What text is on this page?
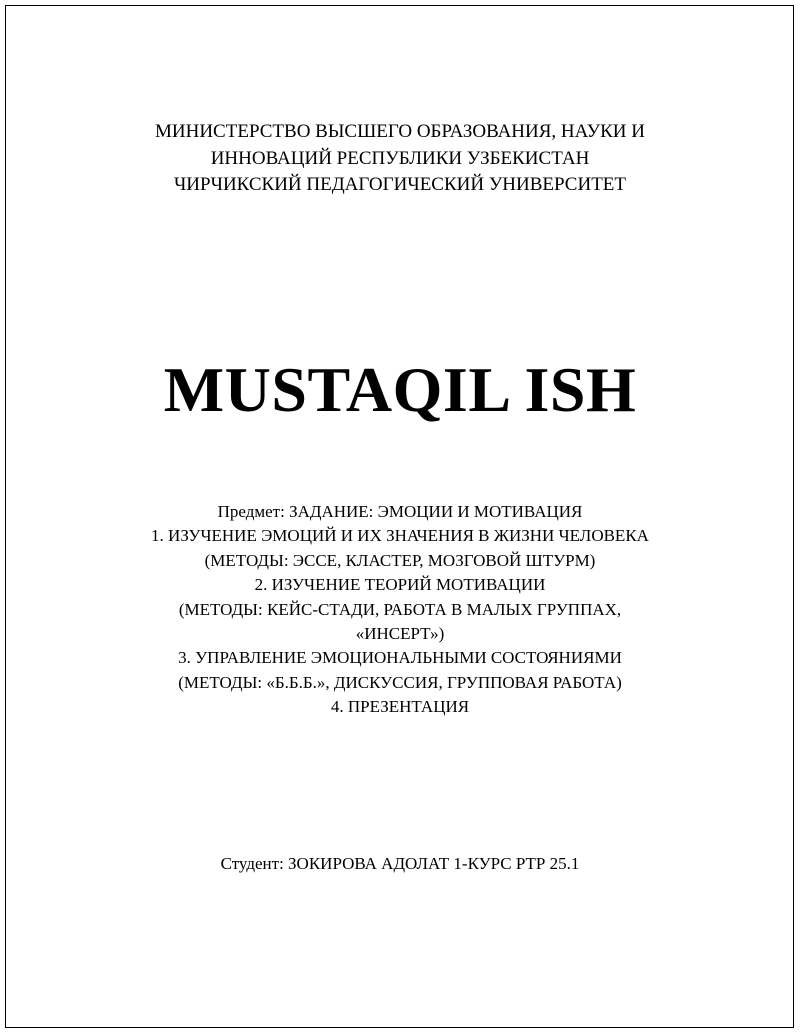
МИНИСТЕРСТВО ВЫСШЕГО ОБРАЗОВАНИЯ, НАУКИ И
ИННОВАЦИЙ РЕСПУБЛИКИ УЗБЕКИСТАН
ЧИРЧИКСКИЙ ПЕДАГОГИЧЕСКИЙ УНИВЕРСИТЕТ
MUSTAQIL ISH
Предмет: ЗАДАНИЕ: ЭМОЦИИ И МОТИВАЦИЯ
1. ИЗУЧЕНИЕ ЭМОЦИЙ И ИХ ЗНАЧЕНИЯ В ЖИЗНИ ЧЕЛОВЕКА
(МЕТОДЫ: ЭССЕ, КЛАСТЕР, МОЗГОВОЙ ШТУРМ)
2. ИЗУЧЕНИЕ ТЕОРИЙ МОТИВАЦИИ
(МЕТОДЫ: КЕЙС-СТАДИ, РАБОТА В МАЛЫХ ГРУППАХ,
«ИНСЕРТ»)
3. УПРАВЛЕНИЕ ЭМОЦИОНАЛЬНЫМИ СОСТОЯНИЯМИ
(МЕТОДЫ: «Б.Б.Б.», ДИСКУССИЯ, ГРУППОВАЯ РАБОТА)
4. ПРЕЗЕНТАЦИЯ
Студент: ЗОКИРОВА АДОЛАТ 1-КУРС РТР 25.1
